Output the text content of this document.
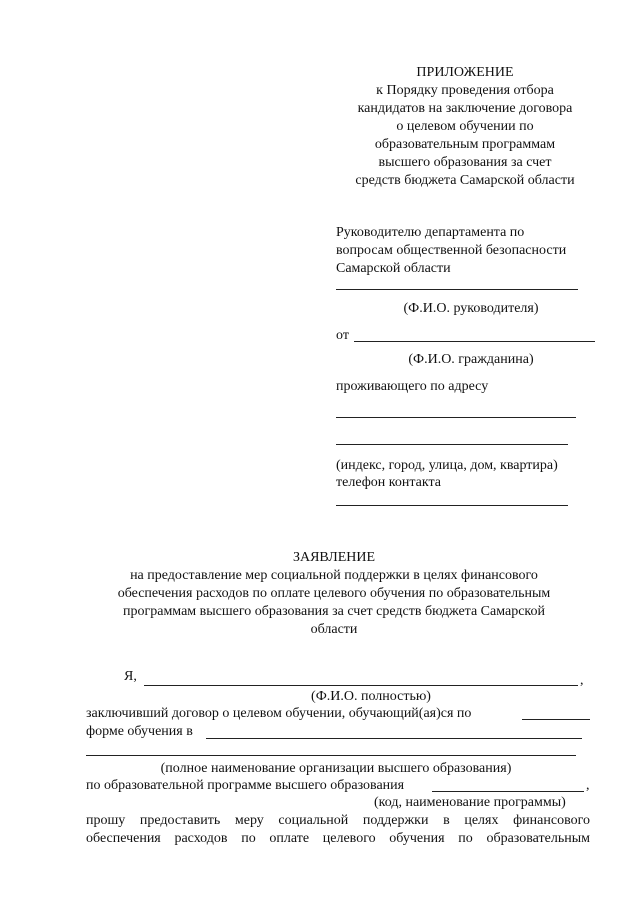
ПРИЛОЖЕНИЕ
к Порядку проведения отбора
кандидатов на заключение договора
о целевом обучении по
образовательным программам
высшего образования за счет
средств бюджета Самарской области
Руководителю департамента по
вопросам общественной безопасности
Самарской области
(Ф.И.О. руководителя)
от
(Ф.И.О. гражданина)
проживающего по адресу
(индекс, город, улица, дом, квартира)
телефон контакта
ЗАЯВЛЕНИЕ
на предоставление мер социальной поддержки в целях финансового
обеспечения расходов по оплате целевого обучения по образовательным
программам высшего образования за счет средств бюджета Самарской
области
Я,	,
(Ф.И.О. полностью)
заключивший договор о целевом обучении, обучающий(ая)ся по
форме обучения в
(полное наименование организации высшего образования)
по образовательной программе высшего образования	,
(код, наименование программы)
прошу предоставить меру социальной поддержки в целях финансового
обеспечения расходов по оплате целевого обучения по образовательным
